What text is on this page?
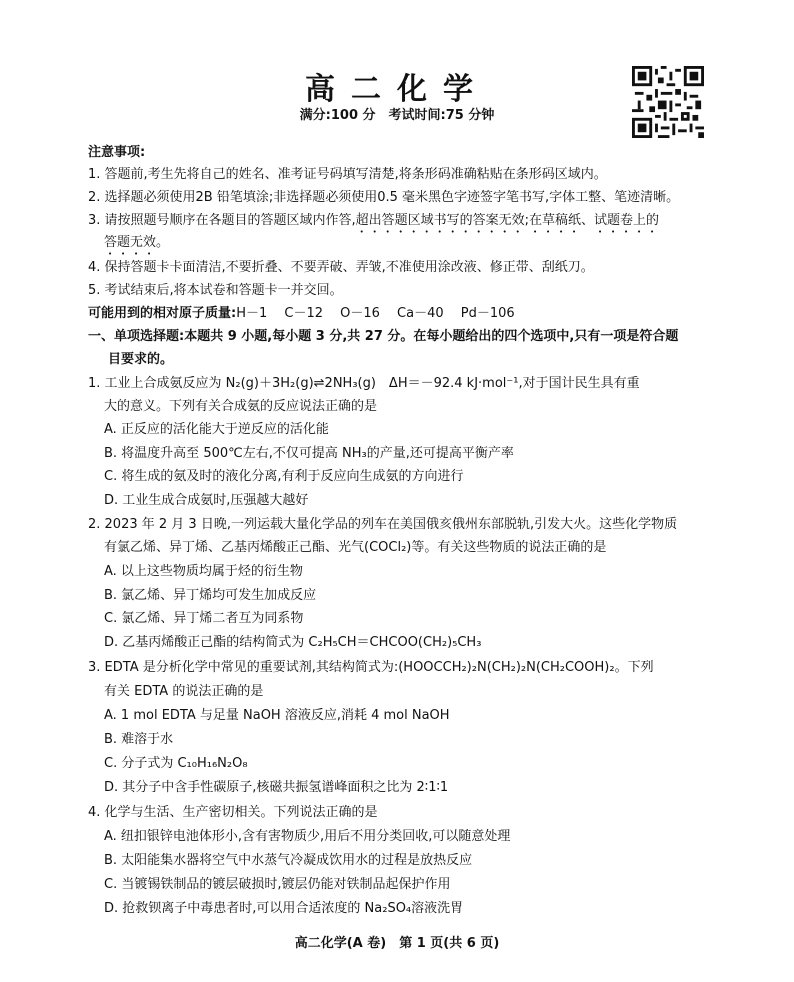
高二化学
满分:100 分　考试时间:75 分钟
注意事项:
1. 答题前,考生先将自己的姓名、准考证号码填写清楚,将条形码准确粘贴在条形码区域内。
2. 选择题必须使用2B 铅笔填涂;非选择题必须使用0.5 毫米黑色字迹签字笔书写,字体工整、笔迹清晰。
3. 请按照题号顺序在各题目的答题区域内作答,超出答题区域书写的答案无效;在草稿纸、试题卷上的
答题无效。
4. 保持答题卡卡面清洁,不要折叠、不要弄破、弄皱,不准使用涂改液、修正带、刮纸刀。
5. 考试结束后,将本试卷和答题卡一并交回。
可能用到的相对原子质量:H－1　 C－12　 O－16　 Ca－40　 Pd－106
一、单项选择题:本题共 9 小题,每小题 3 分,共 27 分。在每小题给出的四个选项中,只有一项是符合题
目要求的。
1. 工业上合成氨反应为 N₂(g)＋3H₂(g)⇌2NH₃(g)　ΔH＝－92.4 kJ·mol⁻¹,对于国计民生具有重
大的意义。下列有关合成氨的反应说法正确的是
A. 正反应的活化能大于逆反应的活化能
B. 将温度升高至 500℃左右,不仅可提高 NH₃的产量,还可提高平衡产率
C. 将生成的氨及时的液化分离,有利于反应向生成氨的方向进行
D. 工业生成合成氨时,压强越大越好
2. 2023 年 2 月 3 日晚,一列运载大量化学品的列车在美国俄亥俄州东部脱轨,引发大火。这些化学物质
有氯乙烯、异丁烯、乙基丙烯酸正己酯、光气(COCl₂)等。有关这些物质的说法正确的是
A. 以上这些物质均属于烃的衍生物
B. 氯乙烯、异丁烯均可发生加成反应
C. 氯乙烯、异丁烯二者互为同系物
D. 乙基丙烯酸正己酯的结构简式为 C₂H₅CH＝CHCOO(CH₂)₅CH₃
3. EDTA 是分析化学中常见的重要试剂,其结构简式为:(HOOCCH₂)₂N(CH₂)₂N(CH₂COOH)₂。下列
有关 EDTA 的说法正确的是
A. 1 mol EDTA 与足量 NaOH 溶液反应,消耗 4 mol NaOH
B. 难溶于水
C. 分子式为 C₁₀H₁₆N₂O₈
D. 其分子中含手性碳原子,核磁共振氢谱峰面积之比为 2∶1∶1
4. 化学与生活、生产密切相关。下列说法正确的是
A. 纽扣银锌电池体形小,含有害物质少,用后不用分类回收,可以随意处理
B. 太阳能集水器将空气中水蒸气冷凝成饮用水的过程是放热反应
C. 当镀锡铁制品的镀层破损时,镀层仍能对铁制品起保护作用
D. 抢救钡离子中毒患者时,可以用合适浓度的 Na₂SO₄溶液洗胃
高二化学(A 卷)　第 1 页(共 6 页)
